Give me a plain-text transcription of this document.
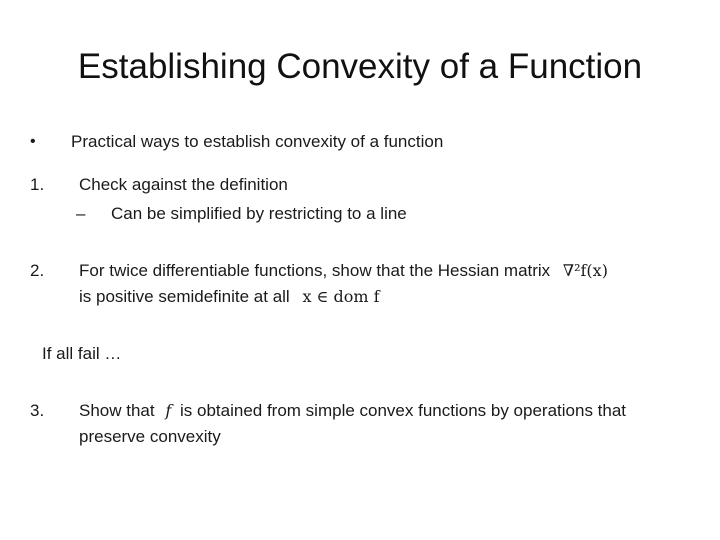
Establishing Convexity of a Function
• Practical ways to establish convexity of a function
1. Check against the definition
– Can be simplified by restricting to a line
2. For twice differentiable functions, show that the Hessian matrix ∇²f(x)
is positive semidefinite at all x ∈ dom f
If all fail …
3. Show that f is obtained from simple convex functions by operations that
preserve convexity
